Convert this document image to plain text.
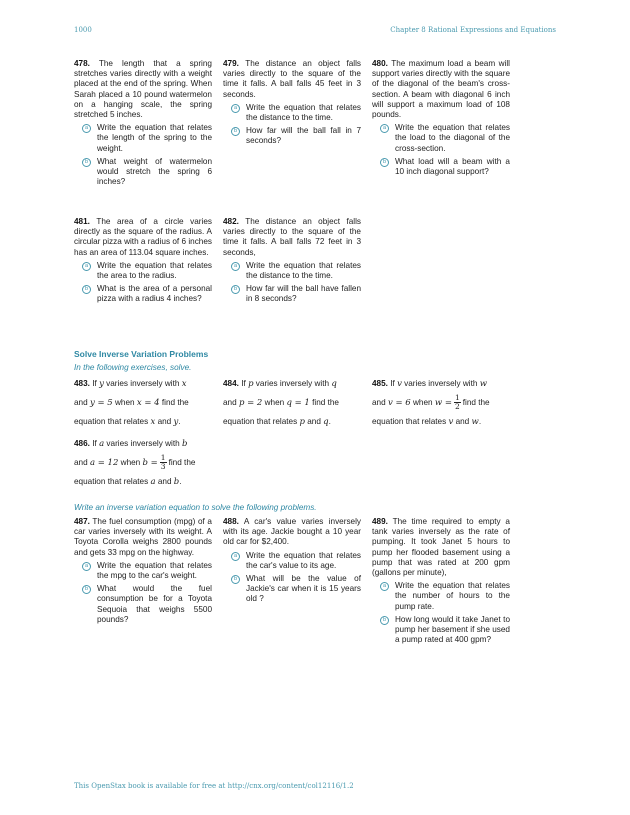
1000	Chapter 8 Rational Expressions and Equations
478. The length that a spring stretches varies directly with a weight placed at the end of the spring. When Sarah placed a 10 pound watermelon on a hanging scale, the spring stretched 5 inches.
a	Write the equation that relates the length of the spring to the weight.
b	What weight of watermelon would stretch the spring 6 inches?
479. The distance an object falls varies directly to the square of the time it falls. A ball falls 45 feet in 3 seconds.
a	Write the equation that relates the distance to the time.
b	How far will the ball fall in 7 seconds?
480. The maximum load a beam will support varies directly with the square of the diagonal of the beam's cross-section. A beam with diagonal 6 inch will support a maximum load of 108 pounds.
a	Write the equation that relates the load to the diagonal of the cross-section.
b	What load will a beam with a 10 inch diagonal support?
481. The area of a circle varies directly as the square of the radius. A circular pizza with a radius of 6 inches has an area of 113.04 square inches.
a	Write the equation that relates the area to the radius.
b	What is the area of a personal pizza with a radius 4 inches?
482. The distance an object falls varies directly to the square of the time it falls. A ball falls 72 feet in 3 seconds,
a	Write the equation that relates the distance to the time.
b	How far will the ball have fallen in 8 seconds?
Solve Inverse Variation Problems
In the following exercises, solve.
483. If y varies inversely with x
and y = 5 when x = 4 find the
equation that relates x and y.
484. If p varies inversely with q
and p = 2 when q = 1 find the
equation that relates p and q.
485. If v varies inversely with w
and v = 6 when $w = \frac{1}{2}$ find the
equation that relates v and w.
486. If a varies inversely with b
and a = 12 when $b = \frac{1}{3}$ find the
equation that relates a and b.
Write an inverse variation equation to solve the following problems.
487. The fuel consumption (mpg) of a car varies inversely with its weight. A Toyota Corolla weighs 2800 pounds and gets 33 mpg on the highway.
a	Write the equation that relates the mpg to the car's weight.
b	What would the fuel consumption be for a Toyota Sequoia that weighs 5500 pounds?
488. A car's value varies inversely with its age. Jackie bought a 10 year old car for $2,400.
a	Write the equation that relates the car's value to its age.
b	What will be the value of Jackie's car when it is 15 years old ?
489. The time required to empty a tank varies inversely as the rate of pumping. It took Janet 5 hours to pump her flooded basement using a pump that was rated at 200 gpm (gallons per minute),
a	Write the equation that relates the number of hours to the pump rate.
b	How long would it take Janet to pump her basement if she used a pump rated at 400 gpm?
This OpenStax book is available for free at http://cnx.org/content/col12116/1.2
